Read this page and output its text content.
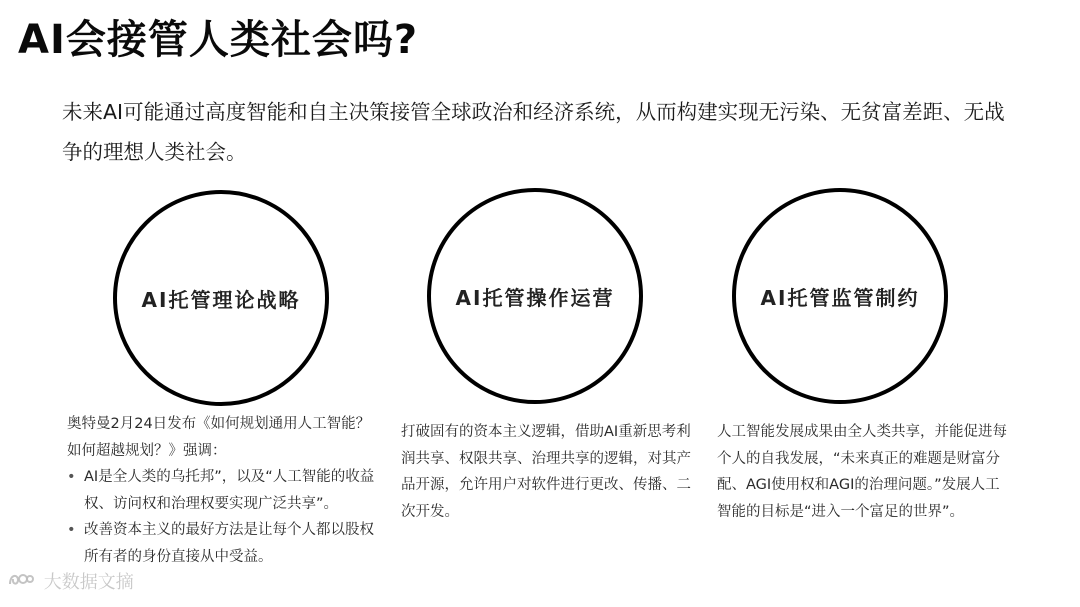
AI会接管人类社会吗?
未来AI可能通过高度智能和自主决策接管全球政治和经济系统，从而构建实现无污染、无贫富差距、无战争的理想人类社会。
AI托管理论战略	AI托管操作运营	AI托管监管制约
奥特曼2月24日发布《如何规划通用人工智能？如何超越规划？》强调：
• AI是全人类的乌托邦”，以及“人工智能的收益权、访问权和治理权要实现广泛共享”。
• 改善资本主义的最好方法是让每个人都以股权所有者的身份直接从中受益。
打破固有的资本主义逻辑，借助AI重新思考利润共享、权限共享、治理共享的逻辑，对其产品开源，允许用户对软件进行更改、传播、二次开发。
人工智能发展成果由全人类共享，并能促进每个人的自我发展，“未来真正的难题是财富分配、AGI使用权和AGI的治理问题。”发展人工智能的目标是“进入一个富足的世界”。
大数据文摘
